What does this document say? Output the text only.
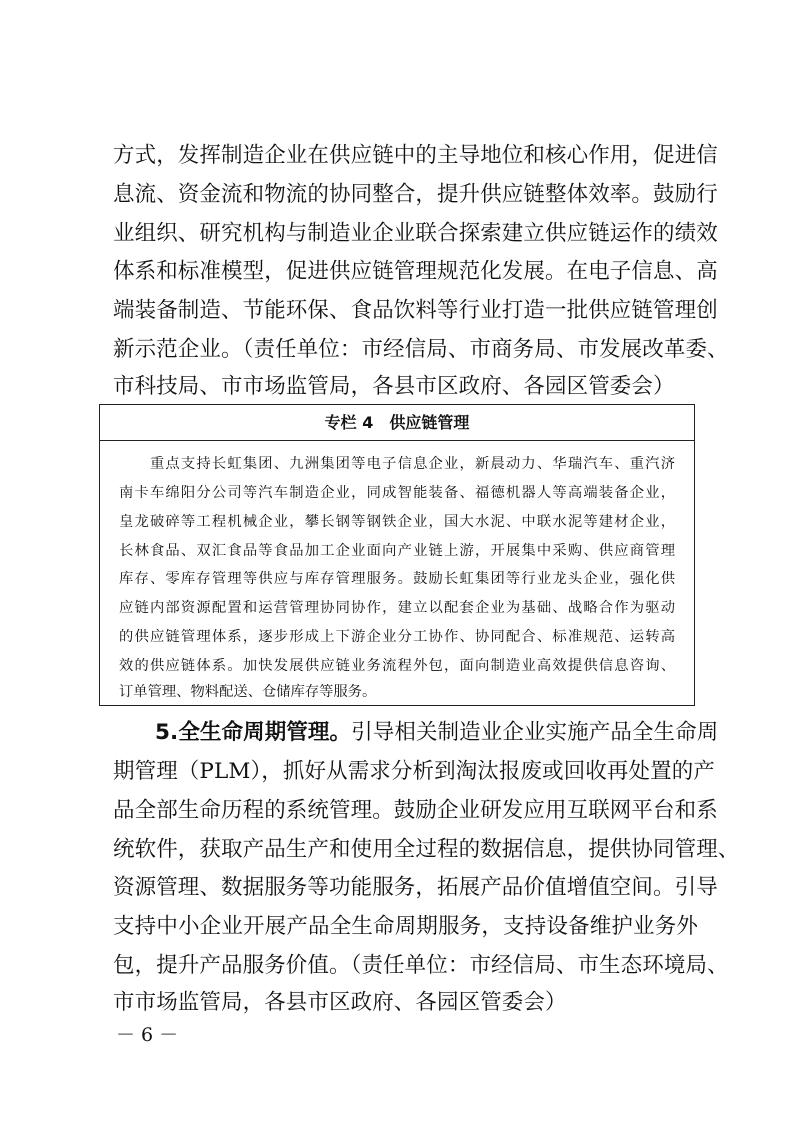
方式，发挥制造企业在供应链中的主导地位和核心作用，促进信
息流、资金流和物流的协同整合，提升供应链整体效率。鼓励行
业组织、研究机构与制造业企业联合探索建立供应链运作的绩效
体系和标准模型，促进供应链管理规范化发展。在电子信息、高
端装备制造、节能环保、食品饮料等行业打造一批供应链管理创
新示范企业。（责任单位：市经信局、市商务局、市发展改革委、
市科技局、市市场监管局，各县市区政府、各园区管委会）
专栏 4　供应链管理
　　重点支持长虹集团、九洲集团等电子信息企业，新晨动力、华瑞汽车、重汽济
南卡车绵阳分公司等汽车制造企业，同成智能装备、福德机器人等高端装备企业，
皇龙破碎等工程机械企业，攀长钢等钢铁企业，国大水泥、中联水泥等建材企业，
长林食品、双汇食品等食品加工企业面向产业链上游，开展集中采购、供应商管理
库存、零库存管理等供应与库存管理服务。鼓励长虹集团等行业龙头企业，强化供
应链内部资源配置和运营管理协同协作，建立以配套企业为基础、战略合作为驱动
的供应链管理体系，逐步形成上下游企业分工协作、协同配合、标准规范、运转高
效的供应链体系。加快发展供应链业务流程外包，面向制造业高效提供信息咨询、
订单管理、物料配送、仓储库存等服务。
5.全生命周期管理。 引导相关制造业企业实施产品全生命周
期管理（PLM），抓好从需求分析到淘汰报废或回收再处置的产
品全部生命历程的系统管理。鼓励企业研发应用互联网平台和系
统软件，获取产品生产和使用全过程的数据信息，提供协同管理、
资源管理、数据服务等功能服务，拓展产品价值增值空间。引导
支持中小企业开展产品全生命周期服务，支持设备维护业务外
包，提升产品服务价值。（责任单位：市经信局、市生态环境局、
市市场监管局，各县市区政府、各园区管委会）
－ 6 －
